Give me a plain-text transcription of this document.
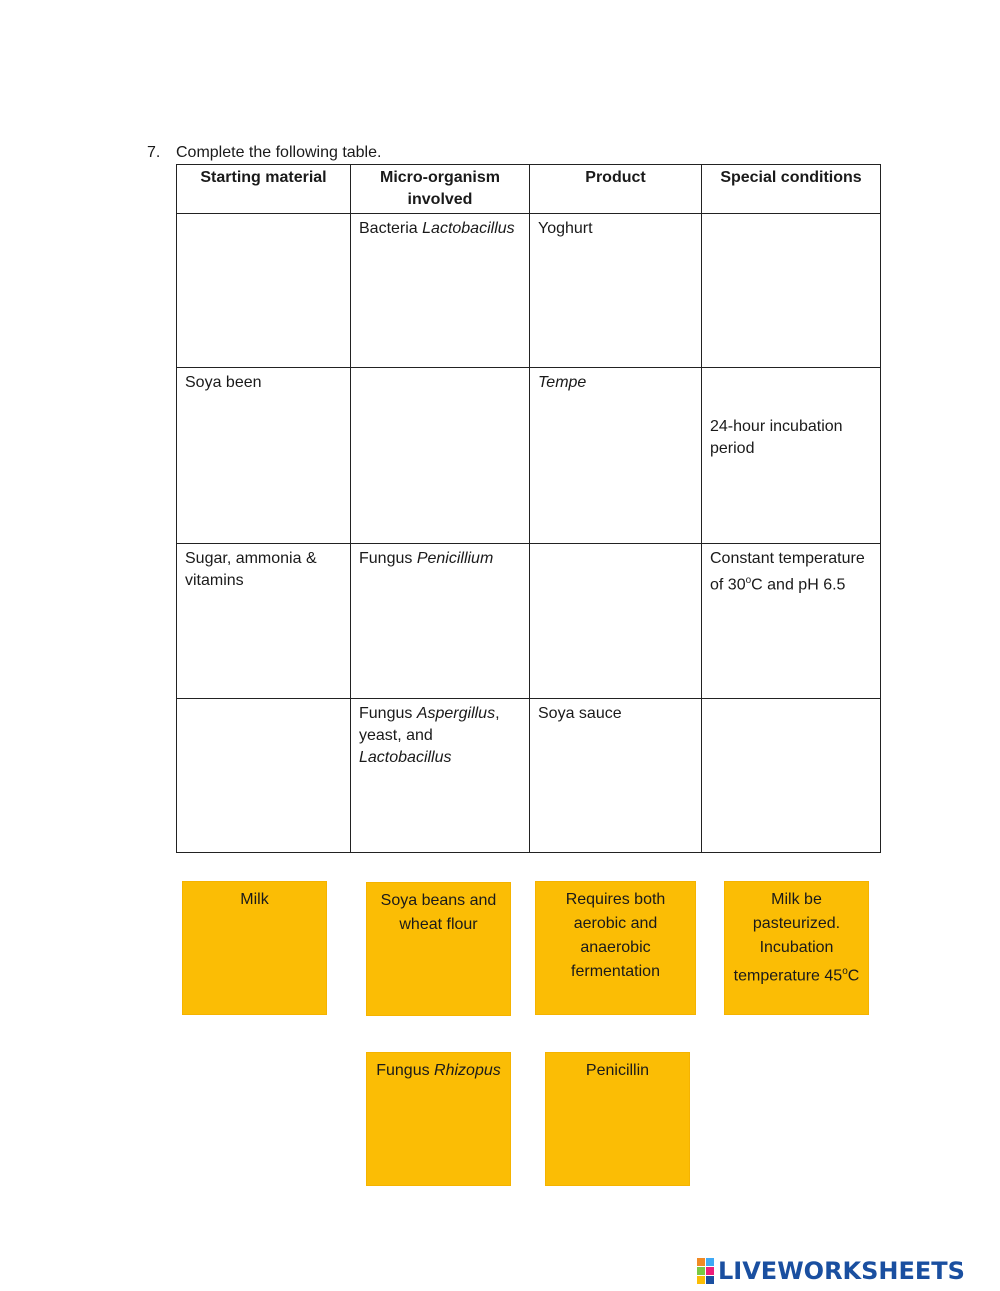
7. Complete the following table.
Starting material	Micro-organism involved	Product	Special conditions
	Bacteria Lactobacillus	Yoghurt	
Soya been		Tempe	24-hour incubation period
Sugar, ammonia & vitamins	Fungus Penicillium		Constant temperature of 30$^o$C and pH 6.5
	Fungus Aspergillus, yeast, and Lactobacillus	Soya sauce	
Milk	Soya beans and wheat flour
Requires both aerobic and anaerobic fermentation
Milk be pasteurized. Incubation temperature 45$^o$C
Fungus Rhizopus	Penicillin
LIVEWORKSHEETS
